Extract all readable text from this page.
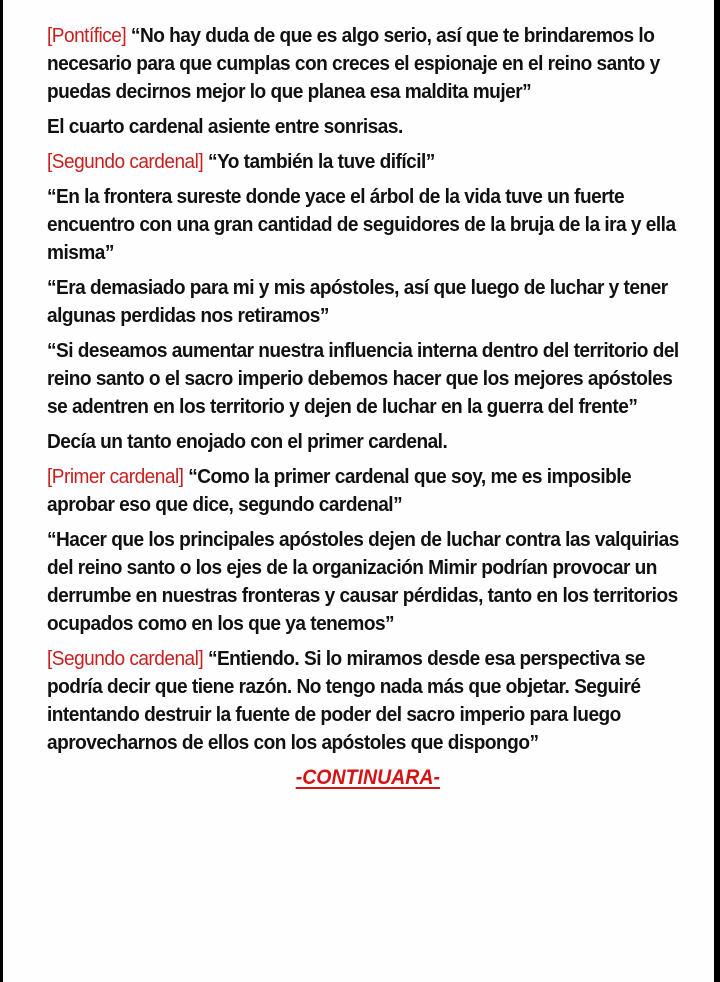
[Pontífice] “No hay duda de que es algo serio, así que te brindaremos lo necesario para que cumplas con creces el espionaje en el reino santo y puedas decirnos mejor lo que planea esa maldita mujer”

El cuarto cardenal asiente entre sonrisas.

[Segundo cardenal] “Yo también la tuve difícil”

“En la frontera sureste donde yace el árbol de la vida tuve un fuerte encuentro con una gran cantidad de seguidores de la bruja de la ira y ella misma”

“Era demasiado para mi y mis apóstoles, así que luego de luchar y tener algunas perdidas nos retiramos”

“Si deseamos aumentar nuestra influencia interna dentro del territorio del reino santo o el sacro imperio debemos hacer que los mejores apóstoles se adentren en los territorio y dejen de luchar en la guerra del frente”

Decía un tanto enojado con el primer cardenal.

[Primer cardenal] “Como la primer cardenal que soy, me es imposible aprobar eso que dice, segundo cardenal”

“Hacer que los principales apóstoles dejen de luchar contra las valquirias del reino santo o los ejes de la organización Mimir podrían provocar un derrumbe en nuestras fronteras y causar pérdidas, tanto en los territorios ocupados como en los que ya tenemos”

[Segundo cardenal] “Entiendo. Si lo miramos desde esa perspectiva se podría decir que tiene razón. No tengo nada más que objetar. Seguiré intentando destruir la fuente de poder del sacro imperio para luego aprovecharnos de ellos con los apóstoles que dispongo”

-CONTINUARA-
